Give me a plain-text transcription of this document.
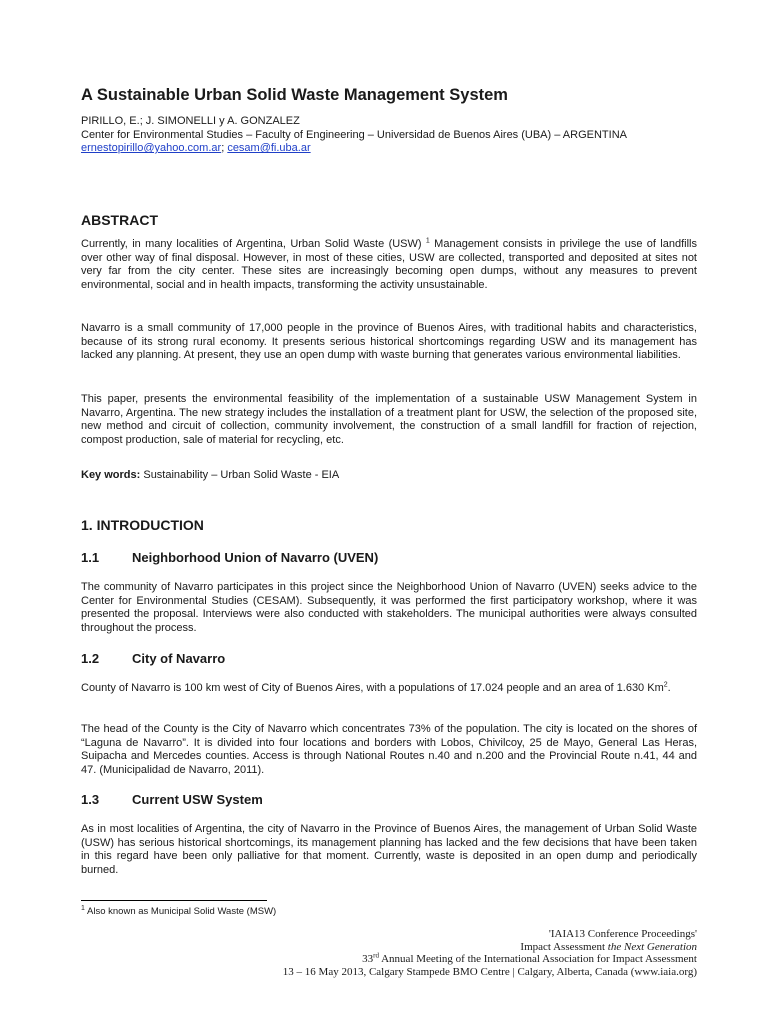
A Sustainable Urban Solid Waste Management System
PIRILLO, E.; J. SIMONELLI y A. GONZALEZ
Center for Environmental Studies – Faculty of Engineering – Universidad de Buenos Aires (UBA) – ARGENTINA
ernestopirillo@yahoo.com.ar; cesam@fi.uba.ar
ABSTRACT

Currently, in many localities of Argentina, Urban Solid Waste (USW) $^1$ Management consists in privilege the use of landfills over other way of final disposal. However, in most of these cities, USW are collected, transported and deposited at sites not very far from the city center. These sites are increasingly becoming open dumps, without any measures to prevent environmental, social and in health impacts, transforming the activity unsustainable.

Navarro is a small community of 17,000 people in the province of Buenos Aires, with traditional habits and characteristics, because of its strong rural economy. It presents serious historical shortcomings regarding USW and its management has lacked any planning. At present, they use an open dump with waste burning that generates various environmental liabilities.

This paper, presents the environmental feasibility of the implementation of a sustainable USW Management System in Navarro, Argentina. The new strategy includes the installation of a treatment plant for USW, the selection of the proposed site, new method and circuit of collection, community involvement, the construction of a small landfill for fraction of rejection, compost production, sale of material for recycling, etc.

Key words: Sustainability – Urban Solid Waste - EIA

1. INTRODUCTION
1.1	Neighborhood Union of Navarro (UVEN)

The community of Navarro participates in this project since the Neighborhood Union of Navarro (UVEN) seeks advice to the Center for Environmental Studies (CESAM). Subsequently, it was performed the first participatory workshop, where it was presented the proposal. Interviews were also conducted with stakeholders. The municipal authorities were always consulted throughout the process.

1.2	City of Navarro

County of Navarro is 100 km west of City of Buenos Aires, with a populations of 17.024 people and an area of 1.630 Km$^2$.

The head of the County is the City of Navarro which concentrates 73% of the population. The city is located on the shores of “Laguna de Navarro”. It is divided into four locations and borders with Lobos, Chivilcoy, 25 de Mayo, General Las Heras, Suipacha and Mercedes counties. Access is through National Routes n.40 and n.200 and the Provincial Route n.41, 44 and 47. (Municipalidad de Navarro, 2011).

1.3	Current USW System

As in most localities of Argentina, the city of Navarro in the Province of Buenos Aires, the management of Urban Solid Waste (USW) has serious historical shortcomings, its management planning has lacked and the few decisions that have been taken in this regard have been only palliative for that moment. Currently, waste is deposited in an open dump and periodically burned.

$^1$ Also known as Municipal Solid Waste (MSW)
'IAIA13 Conference Proceedings'
Impact Assessment the Next Generation
33rd Annual Meeting of the International Association for Impact Assessment
13 – 16 May 2013, Calgary Stampede BMO Centre | Calgary, Alberta, Canada (www.iaia.org)
